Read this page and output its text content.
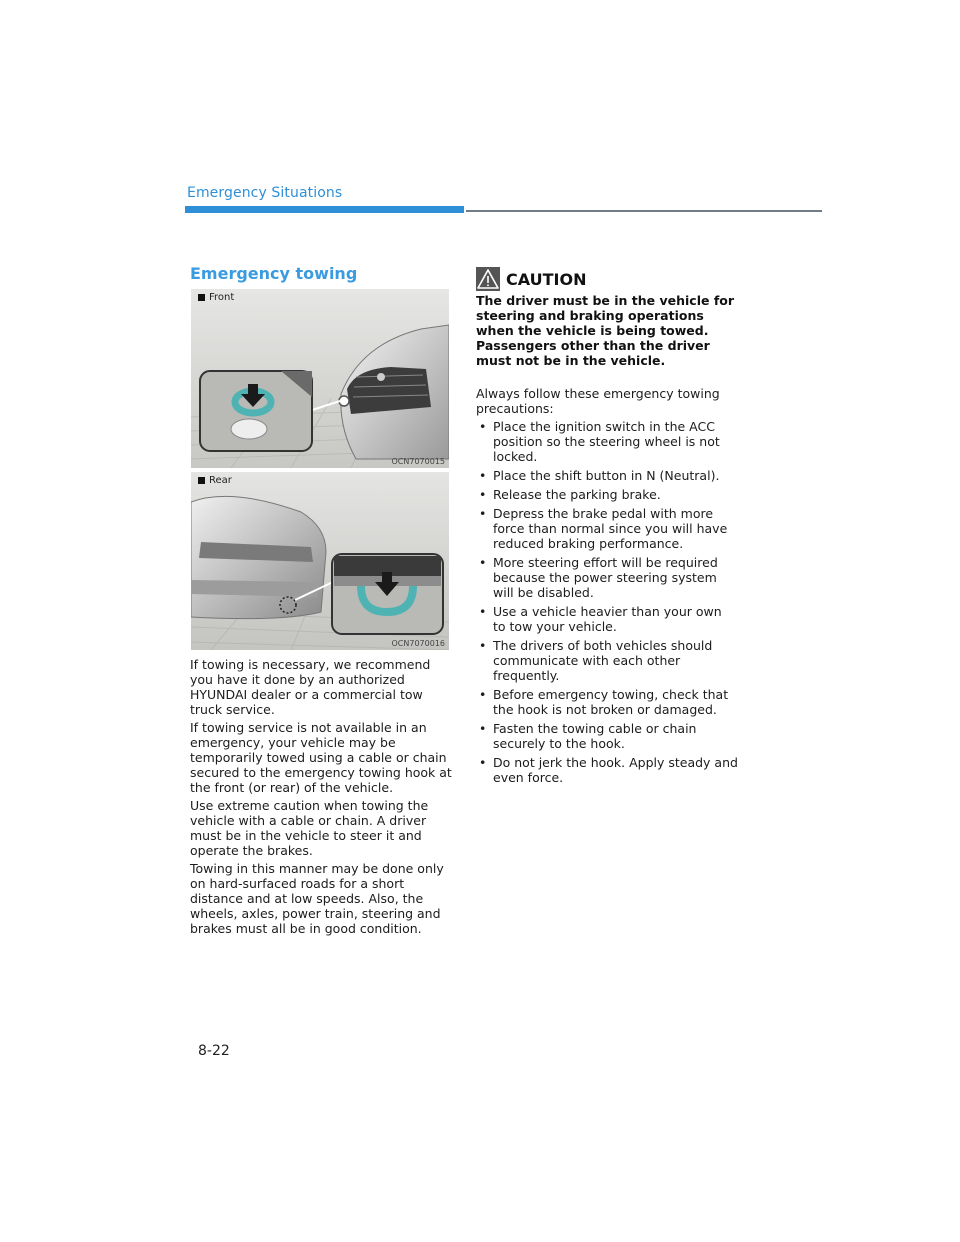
Emergency Situations
Emergency towing
Front
OCN7070015
Rear
OCN7070016

If towing is necessary, we recommend you have it done by an authorized HYUNDAI dealer or a commercial tow truck service.

If towing service is not available in an emergency, your vehicle may be temporarily towed using a cable or chain secured to the emergency towing hook at the front (or rear) of the vehicle.

Use extreme caution when towing the vehicle with a cable or chain. A driver must be in the vehicle to steer it and operate the brakes.

Towing in this manner may be done only on hard-surfaced roads for a short distance and at low speeds. Also, the wheels, axles, power train, steering and brakes must all be in good condition.

CAUTION
The driver must be in the vehicle for steering and braking operations when the vehicle is being towed. Passengers other than the driver must not be in the vehicle.
Always follow these emergency towing precautions:
• Place the ignition switch in the ACC position so the steering wheel is not locked.
• Place the shift button in N (Neutral).
• Release the parking brake.
• Depress the brake pedal with more force than normal since you will have reduced braking performance.
• More steering effort will be required because the power steering system will be disabled.
• Use a vehicle heavier than your own to tow your vehicle.
• The drivers of both vehicles should communicate with each other frequently.
• Before emergency towing, check that the hook is not broken or damaged.
• Fasten the towing cable or chain securely to the hook.
• Do not jerk the hook. Apply steady and even force.
8-22
